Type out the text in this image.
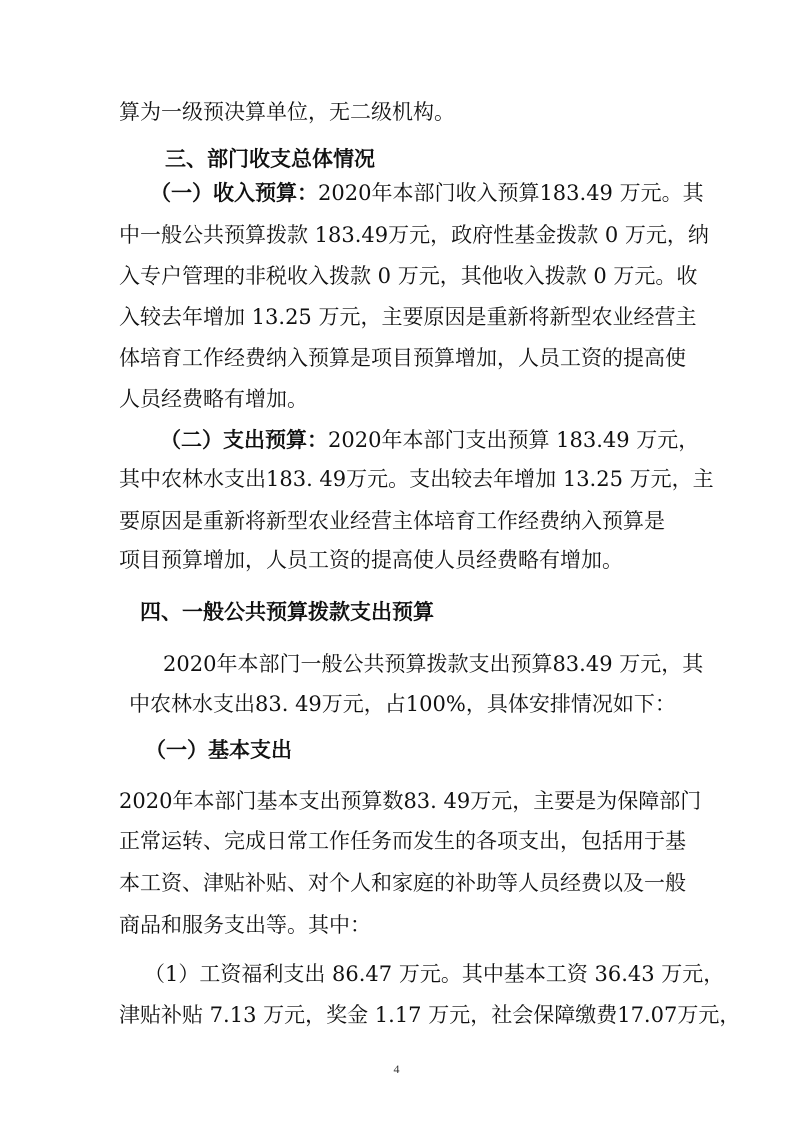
算为一级预决算单位，无二级机构。

三、部门收支总体情况

（一）收入预算：2020年本部门收入预算183.49 万元。其

中一般公共预算拨款 183.49万元，政府性基金拨款 0 万元，纳

入专户管理的非税收入拨款 0 万元，其他收入拨款 0 万元。收

入较去年增加 13.25 万元，主要原因是重新将新型农业经营主

体培育工作经费纳入预算是项目预算增加，人员工资的提高使

人员经费略有增加。

（二）支出预算：2020年本部门支出预算 183.49 万元，

其中农林水支出183. 49万元。支出较去年增加 13.25 万元，主

要原因是重新将新型农业经营主体培育工作经费纳入预算是

项目预算增加，人员工资的提高使人员经费略有增加。

四、一般公共预算拨款支出预算

2020年本部门一般公共预算拨款支出预算83.49 万元，其

中农林水支出83. 49万元，占100%，具体安排情况如下：

（一）基本支出

2020年本部门基本支出预算数83. 49万元，主要是为保障部门

正常运转、完成日常工作任务而发生的各项支出，包括用于基

本工资、津贴补贴、对个人和家庭的补助等人员经费以及一般

商品和服务支出等。其中：

（1）工资福利支出 86.47 万元。其中基本工资 36.43 万元，

津贴补贴 7.13 万元，奖金 1.17 万元，社会保障缴费17.07万元，

4
